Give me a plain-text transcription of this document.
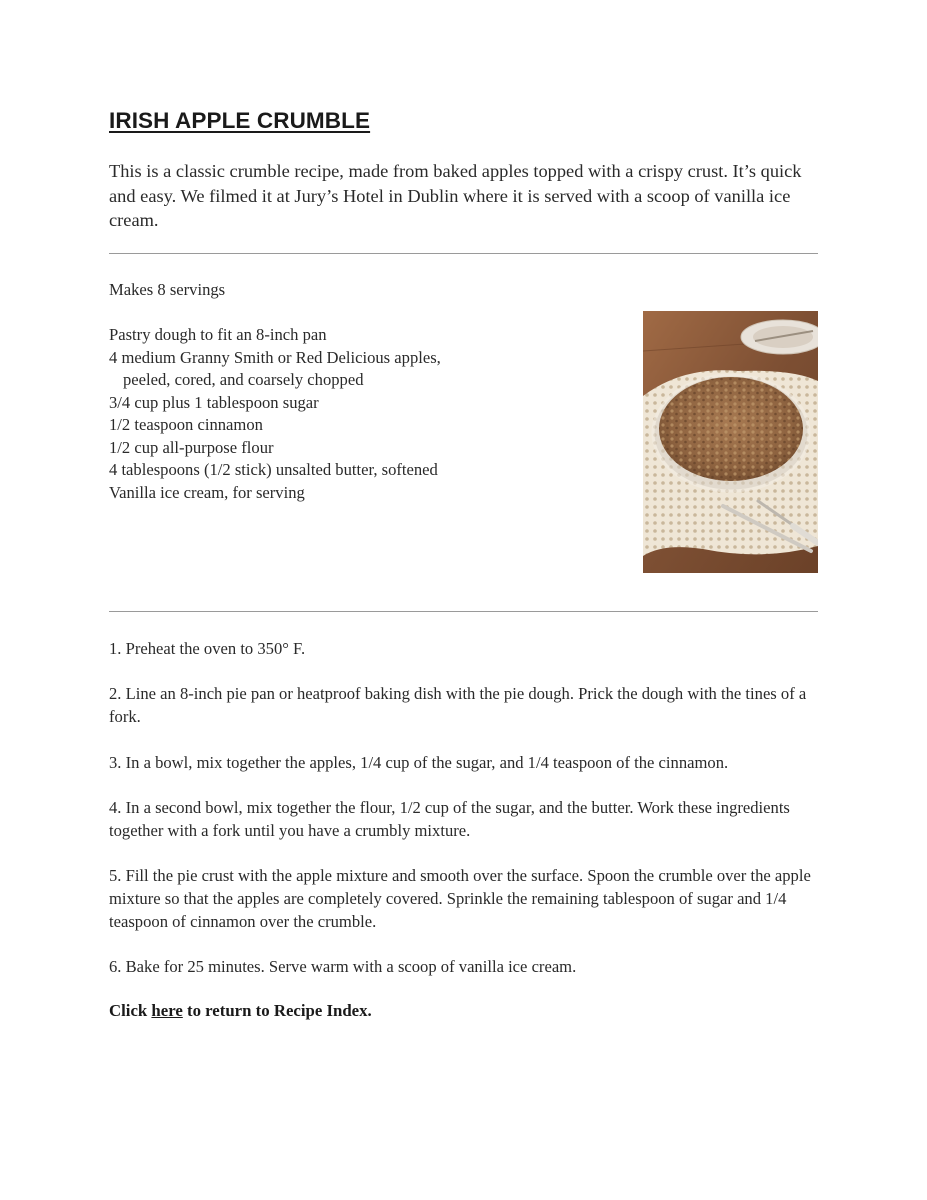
IRISH APPLE CRUMBLE

This is a classic crumble recipe, made from baked apples topped with a crispy crust. It’s quick and easy. We filmed it at Jury’s Hotel in Dublin where it is served with a scoop of vanilla ice cream.

Makes 8 servings

Pastry dough to fit an 8-inch pan
4 medium Granny Smith or Red Delicious apples,
peeled, cored, and coarsely chopped
3/4 cup plus 1 tablespoon sugar
1/2 teaspoon cinnamon
1/2 cup all-purpose flour
4 tablespoons (1/2 stick) unsalted butter, softened
Vanilla ice cream, for serving
1. Preheat the oven to 350° F.
2. Line an 8-inch pie pan or heatproof baking dish with the pie dough. Prick the dough with the tines of a fork.
3. In a bowl, mix together the apples, 1/4 cup of the sugar, and 1/4 teaspoon of the cinnamon.
4. In a second bowl, mix together the flour, 1/2 cup of the sugar, and the butter. Work these ingredients together with a fork until you have a crumbly mixture.
5. Fill the pie crust with the apple mixture and smooth over the surface. Spoon the crumble over the apple mixture so that the apples are completely covered. Sprinkle the remaining tablespoon of sugar and 1/4 teaspoon of cinnamon over the crumble.
6. Bake for 25 minutes. Serve warm with a scoop of vanilla ice cream.

Click here to return to Recipe Index.
